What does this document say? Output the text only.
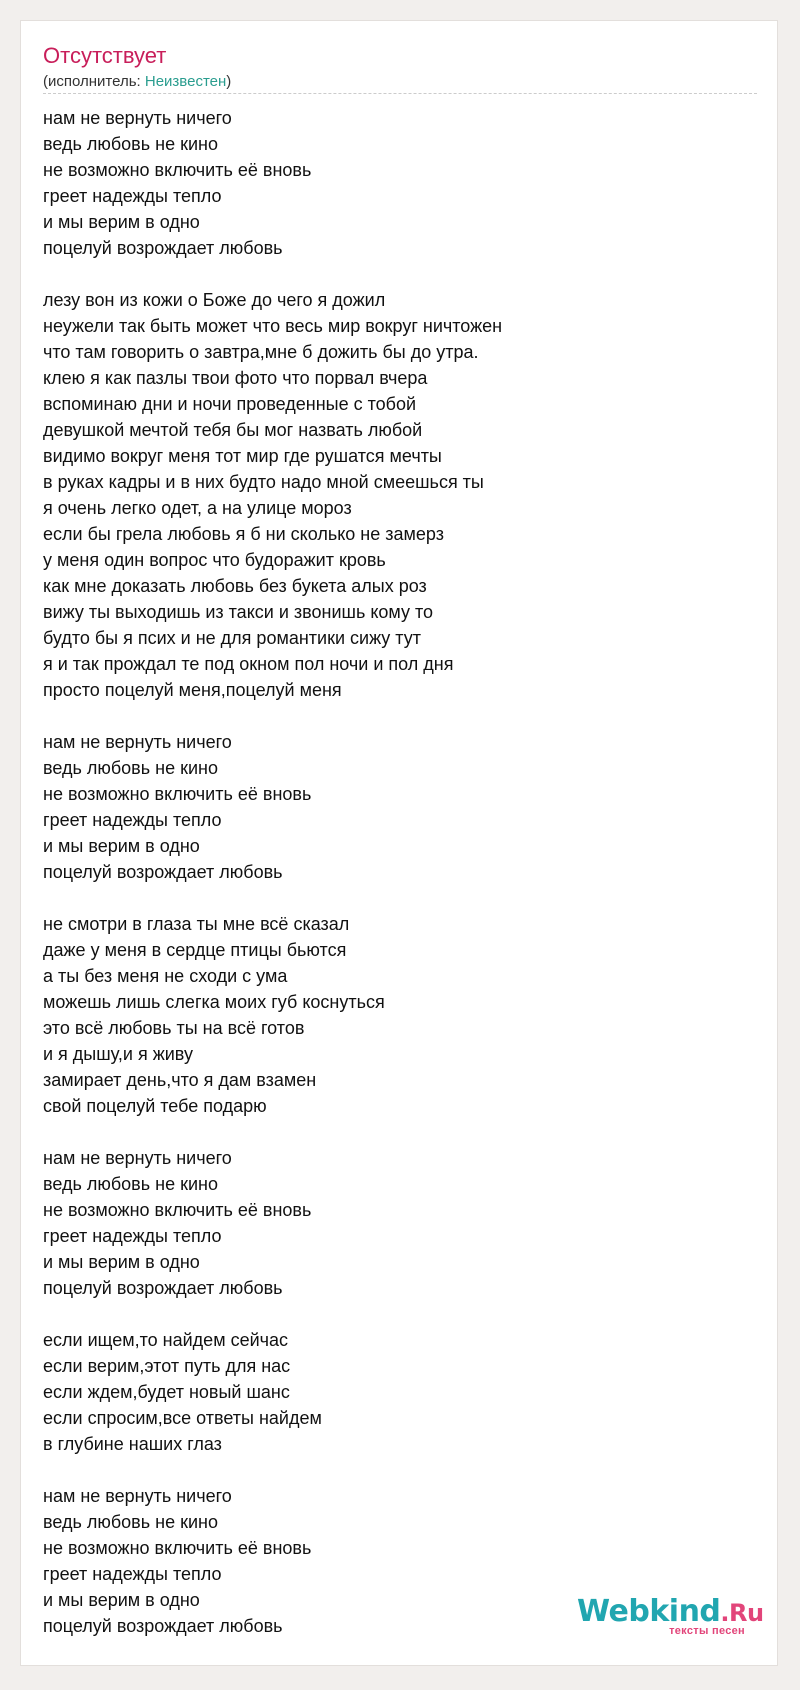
Отсутствует
(исполнитель: Неизвестен)
нам не вернуть ничего
ведь любовь не кино
не возможно включить её вновь
греет надежды тепло
и мы верим в одно
поцелуй возрождает любовь
лезу вон из кожи о Боже до чего я дожил
неужели так быть может что весь мир вокруг ничтожен
что там говорить о завтра,мне б дожить бы до утра.
клею я как пазлы твои фото что порвал вчера
вспоминаю дни и ночи проведенные с тобой
девушкой мечтой тебя бы мог назвать любой
видимо вокруг меня тот мир где рушатся мечты
в руках кадры и в них будто надо мной смеешься ты
я очень легко одет, а на улице мороз
если бы грела любовь я б ни сколько не замерз
у меня один вопрос что будоражит кровь
как мне доказать любовь без букета алых роз
вижу ты выходишь из такси и звонишь кому то
будто бы я псих и не для романтики сижу тут
я и так прождал те под окном пол ночи и пол дня
просто поцелуй меня,поцелуй меня
нам не вернуть ничего
ведь любовь не кино
не возможно включить её вновь
греет надежды тепло
и мы верим в одно
поцелуй возрождает любовь
не смотри в глаза ты мне всё сказал
даже у меня в сердце птицы бьются
а ты без меня не сходи с ума
можешь лишь слегка моих губ коснуться
это всё любовь ты на всё готов
и я дышу,и я живу
замирает день,что я дам взамен
свой поцелуй тебе подарю
нам не вернуть ничего
ведь любовь не кино
не возможно включить её вновь
греет надежды тепло
и мы верим в одно
поцелуй возрождает любовь
если ищем,то найдем сейчас
если верим,этот путь для нас
если ждем,будет новый шанс
если спросим,все ответы найдем
в глубине наших глаз
нам не вернуть ничего
ведь любовь не кино
не возможно включить её вновь
греет надежды тепло
и мы верим в одно
поцелуй возрождает любовь	Webkind.Ru
тексты песен
